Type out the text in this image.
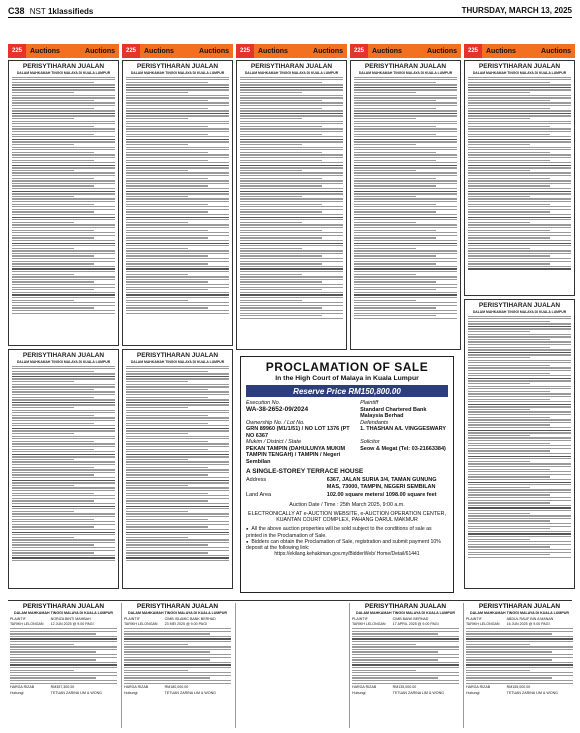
C38 NST 1klassifieds	THURSDAY, MARCH 13, 2025
225	Auctions	Auctions	225	Auctions	Auctions	225	Auctions	Auctions	225	Auctions	Auctions	225	Auctions	Auctions
PERISYTIHARAN JUALAN
DALAM MAHKAMAH TINGGI MALAYA DI KUALA LUMPUR
PERISYTIHARAN JUALAN
DALAM MAHKAMAH TINGGI MALAYA DI KUALA LUMPUR
PERISYTIHARAN JUALAN
DALAM MAHKAMAH TINGGI MALAYA DI KUALA LUMPUR
PERISYTIHARAN JUALAN
DALAM MAHKAMAH TINGGI MALAYA DI KUALA LUMPUR
PERISYTIHARAN JUALAN
DALAM MAHKAMAH TINGGI MALAYA DI KUALA LUMPUR
PERISYTIHARAN JUALAN
DALAM MAHKAMAH TINGGI MALAYA DI KUALA LUMPUR
PERISYTIHARAN JUALAN
DALAM MAHKAMAH TINGGI MALAYA DI KUALA LUMPUR
PERISYTIHARAN JUALAN
DALAM MAHKAMAH TINGGI MALAYA DI KUALA LUMPUR
PROCLAMATION OF SALE
In the High Court of Malaya in Kuala Lumpur
Reserve Price RM150,800.00
Execution No.
WA-38-2652-09/2024
Plaintiff
Standard Chartered Bank Malaysia Berhad
Ownership No. / Lot No.
GRN 89960 (M1/1/51) / NO LOT 1376 (PT NO 6367
Defendants
1. THASHAN A/L VINGGESWARY
Mukim / District / State
PEKAN TAMPIN (DAHULUNYA MUKIM TAMPIN TENGAH) / TAMPIN / Negeri Sembilan
Solicitor
Seow & Megat (Tel: 03-21663384)
A SINGLE-STOREY TERRACE HOUSE
Address	6367, JALAN SURIA 3/4, TAMAN GUNUNG MAS, 73000, TAMPIN, NEGERI SEMBILAN
Land Area	102.00 square meters/ 1098.00 square feet
Auction Date / Time : 25th March 2025, 9:00 a.m.
ELECTRONICALLY AT e-AUCTION WEBSITE, e-AUCTION OPERATION CENTER, KUANTAN COURT COMPLEX, PAHANG DARUL MAKMUR
● All the above auction properties will be sold subject to the conditions of sale as printed in the Proclamation of Sale.
● Bidders can obtain the Proclamation of Sale, registration and submit payment 10% deposit at the following link:
https://ekilang.kehakiman.gov.my/BidderWeb/ Home/Detail/61441
PERISYTIHARAN JUALAN
DALAM MAHKAMAH TINGGI MALAYA DI KUALA LUMPUR
PLAINTIF	NORIZA BINTI MAHBAH
TARIKH LELONGAN	12 JUN 2025 @ 9.00 PAGI
HARGA RIZAB	RM357,300.00
Hubungi	TETUAN ZARINA LIM & WONG
PERISYTIHARAN JUALAN
DALAM MAHKAMAH TINGGI MALAYA DI KUALA LUMPUR
PLAINTIF	CIMB ISLAMIC BANK BERHAD
TARIKH LELONGAN	23 MEI 2025 @ 9.00 PAGI
HARGA RIZAB	RM180,000.00
Hubungi	TETUAN ZARINA LIM & WONG
PERISYTIHARAN JUALAN
DALAM MAHKAMAH TINGGI MALAYA DI KUALA LUMPUR
PLAINTIF	CIMB BANK BERHAD
TARIKH LELONGAN	17 APRIL 2025 @ 9.00 PAGI
HARGA RIZAB	RM135,000.00
Hubungi	TETUAN ZARINA LIM & WONG
PERISYTIHARAN JUALAN
DALAM MAHKAMAH TINGGI MALAYA DI KUALA LUMPUR
PLAINTIF	ABDUL RAUF BIN A MANAN
TARIKH LELONGAN	16 JUN 2025 @ 9.00 PAGI
HARGA RIZAB	RM155,000.00
Hubungi	TETUAN ZARINA LIM & WONG
